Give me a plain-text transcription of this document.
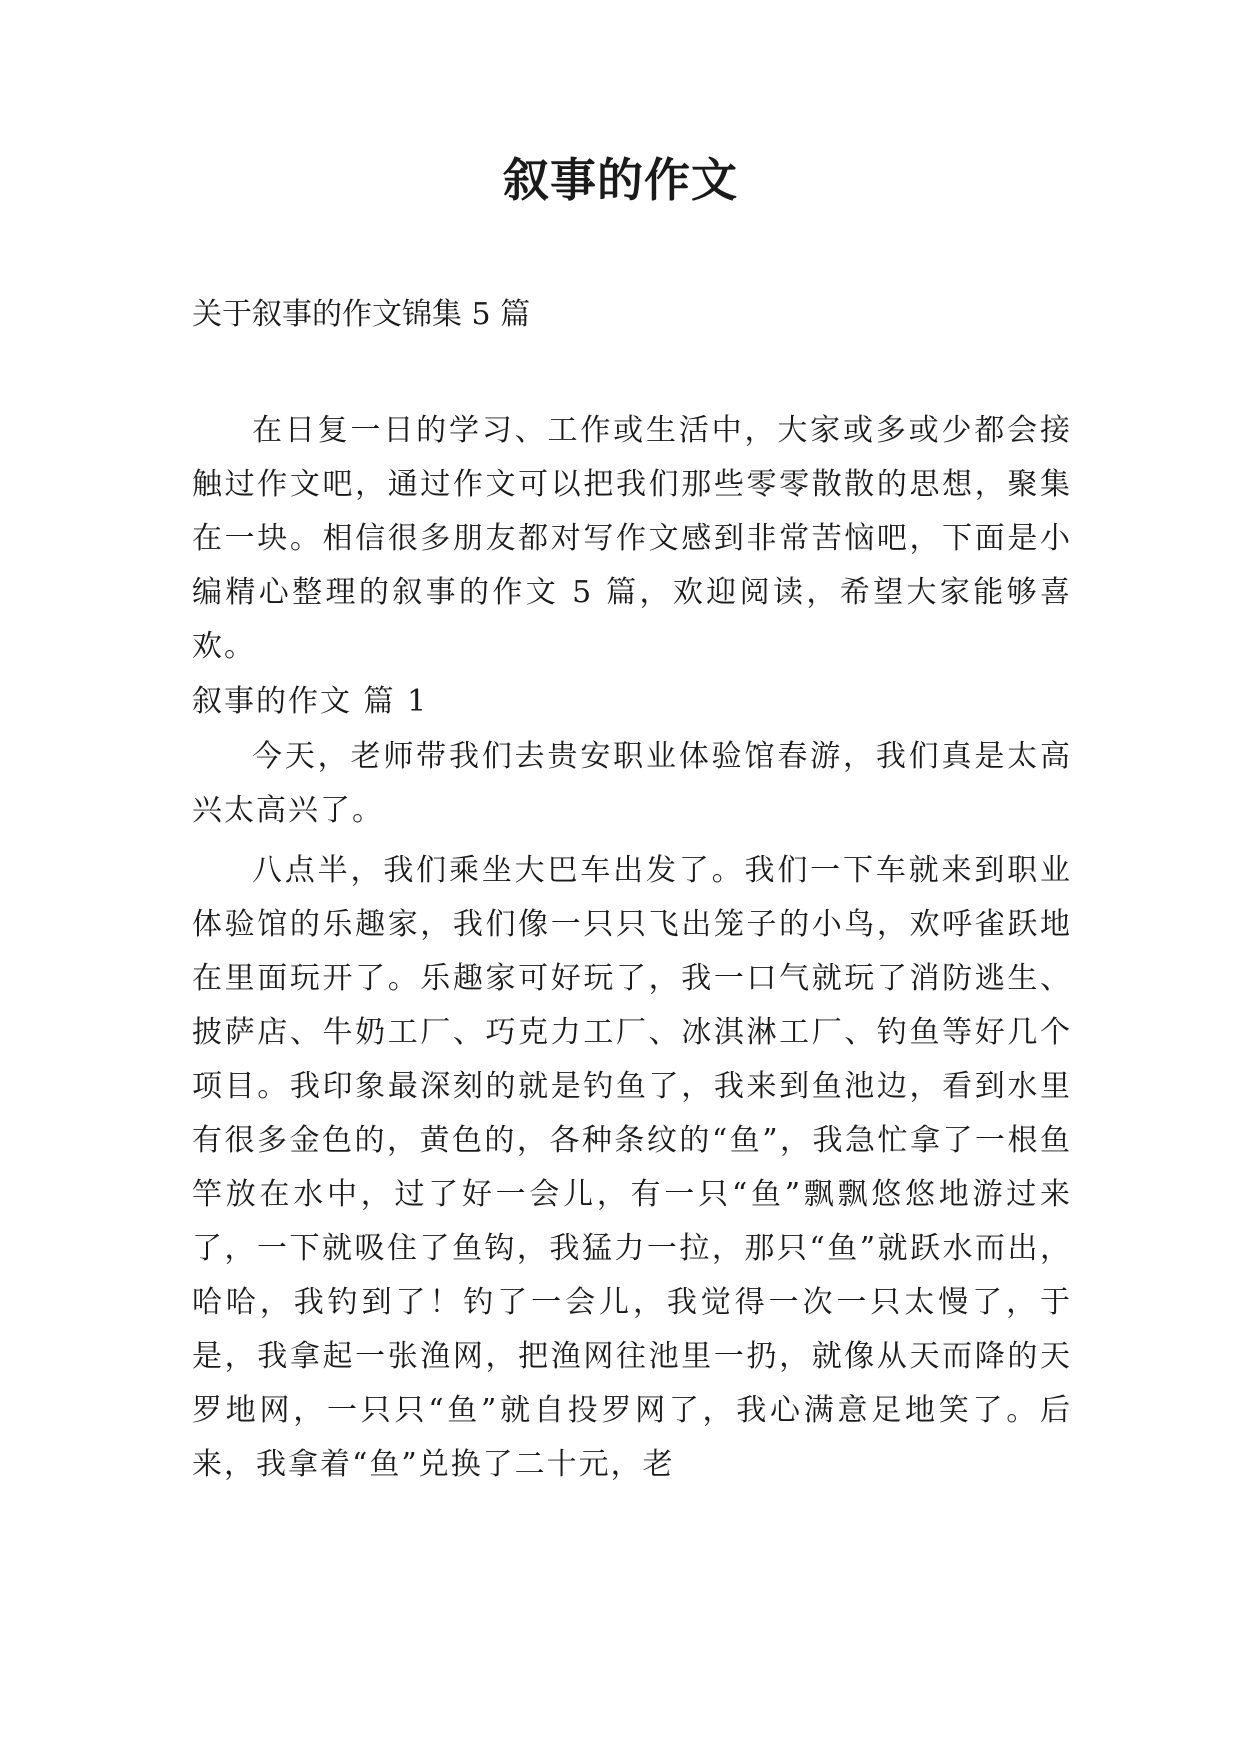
叙事的作文
关于叙事的作文锦集 5 篇

在日复一日的学习、工作或生活中，大家或多或少都会接触过作文吧，通过作文可以把我们那些零零散散的思想，聚集在一块。相信很多朋友都对写作文感到非常苦恼吧，下面是小编精心整理的叙事的作文 5 篇，欢迎阅读，希望大家能够喜欢。

叙事的作文 篇 1

今天，老师带我们去贵安职业体验馆春游，我们真是太高兴太高兴了。

八点半，我们乘坐大巴车出发了。我们一下车就来到职业体验馆的乐趣家，我们像一只只飞出笼子的小鸟，欢呼雀跃地在里面玩开了。乐趣家可好玩了，我一口气就玩了消防逃生、披萨店、牛奶工厂、巧克力工厂、冰淇淋工厂、钓鱼等好几个项目。我印象最深刻的就是钓鱼了，我来到鱼池边，看到水里有很多金色的，黄色的，各种条纹的“鱼”，我急忙拿了一根鱼竿放在水中，过了好一会儿，有一只“鱼”飘飘悠悠地游过来了，一下就吸住了鱼钩，我猛力一拉，那只“鱼”就跃水而出，哈哈，我钓到了！钓了一会儿，我觉得一次一只太慢了，于是，我拿起一张渔网，把渔网往池里一扔，就像从天而降的天罗地网，一只只“鱼”就自投罗网了，我心满意足地笑了。后来，我拿着“鱼”兑换了二十元，老
